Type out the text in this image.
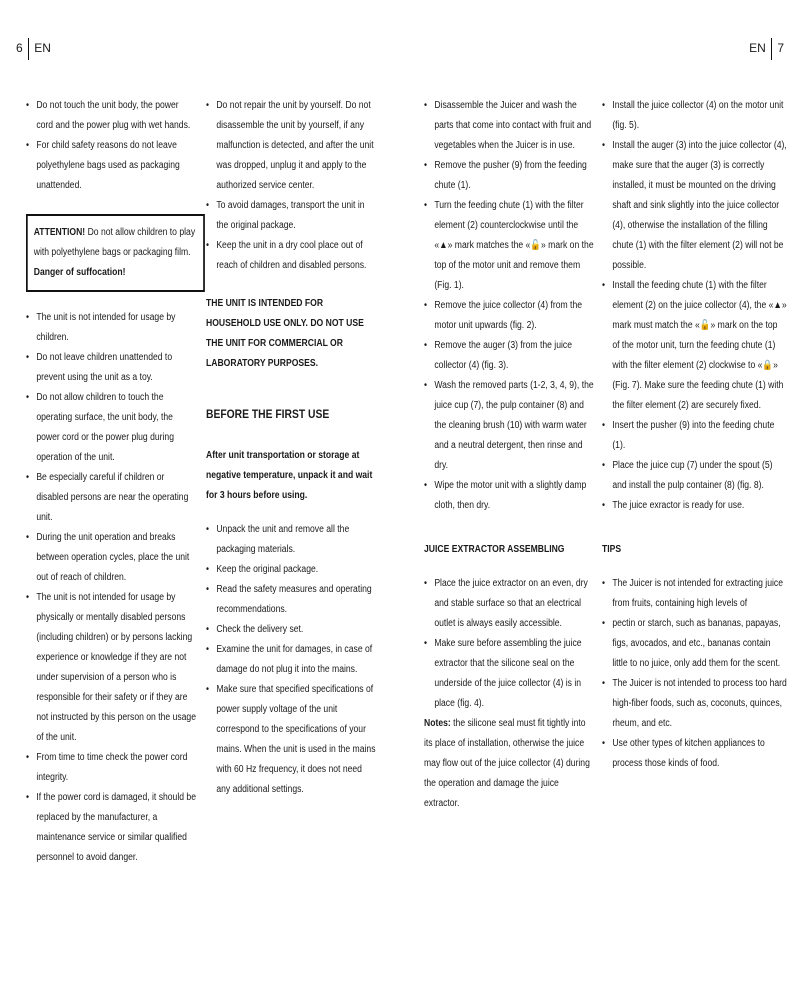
6 EN	EN 7
• Do not touch the unit body, the power cord and the power plug with wet hands.
• For child safety reasons do not leave polyethylene bags used as packaging unattended.
ATTENTION! Do not allow children to play with polyethylene bags or packaging film. Danger of suffocation!
• The unit is not intended for usage by children.
• Do not leave children unattended to prevent using the unit as a toy.
• Do not allow children to touch the operating surface, the unit body, the power cord or the power plug during operation of the unit.
• Be especially careful if children or disabled persons are near the operating unit.
• During the unit operation and breaks between operation cycles, place the unit out of reach of children.
• The unit is not intended for usage by physically or mentally disabled persons (including children) or by persons lacking experience or knowledge if they are not under supervision of a person who is responsible for their safety or if they are not instructed by this person on the usage of the unit.
• From time to time check the power cord integrity.
• If the power cord is damaged, it should be replaced by the manufacturer, a maintenance service or similar qualified personnel to avoid danger.
• Do not repair the unit by yourself. Do not disassemble the unit by yourself, if any malfunction is detected, and after the unit was dropped, unplug it and apply to the authorized service center.
• To avoid damages, transport the unit in the original package.
• Keep the unit in a dry cool place out of reach of children and disabled persons.

THE UNIT IS INTENDED FOR HOUSEHOLD USE ONLY. DO NOT USE THE UNIT FOR COMMERCIAL OR LABORATORY PURPOSES.

BEFORE THE FIRST USE

After unit transportation or storage at negative temperature, unpack it and wait for 3 hours before using.

• Unpack the unit and remove all the packaging materials.
• Keep the original package.
• Read the safety measures and operating recommendations.
• Check the delivery set.
• Examine the unit for damages, in case of damage do not plug it into the mains.
• Make sure that specified specifications of power supply voltage of the unit correspond to the specifications of your mains. When the unit is used in the mains with 60 Hz frequency, it does not need any additional settings.
• Disassemble the Juicer and wash the parts that come into contact with fruit and vegetables when the Juicer is in use.
• Remove the pusher (9) from the feeding chute (1).
• Turn the feeding chute (1) with the filter element (2) counterclockwise until the «▲» mark matches the «🔓» mark on the top of the motor unit and remove them (Fig. 1).
• Remove the juice collector (4) from the motor unit upwards (fig. 2).
• Remove the auger (3) from the juice collector (4) (fig. 3).
• Wash the removed parts (1-2, 3, 4, 9), the juice cup (7), the pulp container (8) and the cleaning brush (10) with warm water and a neutral detergent, then rinse and dry.
• Wipe the motor unit with a slightly damp cloth, then dry.

JUICE EXTRACTOR ASSEMBLING

• Place the juice extractor on an even, dry and stable surface so that an electrical outlet is always easily accessible.
• Make sure before assembling the juice extractor that the silicone seal on the underside of the juice collector (4) is in place (fig. 4).

Notes: the silicone seal must fit tightly into its place of installation, otherwise the juice may flow out of the juice collector (4) during the operation and damage the juice extractor.

• Install the juice collector (4) on the motor unit (fig. 5).
• Install the auger (3) into the juice collector (4), make sure that the auger (3) is correctly installed, it must be mounted on the driving shaft and sink slightly into the juice collector (4), otherwise the installation of the filling chute (1) with the filter element (2) will not be possible.
• Install the feeding chute (1) with the filter element (2) on the juice collector (4), the «▲» mark must match the «🔓» mark on the top of the motor unit, turn the feeding chute (1) with the filter element (2) clockwise to «🔒» (Fig. 7). Make sure the feeding chute (1) with the filter element (2) are securely fixed.
• Insert the pusher (9) into the feeding chute (1).
• Place the juice cup (7) under the spout (5) and install the pulp container (8) (fig. 8).
• The juice exractor is ready for use.

TIPS

• The Juicer is not intended for extracting juice from fruits, containing high levels of
• pectin or starch, such as bananas, papayas, figs, avocados, and etc., bananas contain little to no juice, only add them for the scent.
• The Juicer is not intended to process too hard high-fiber foods, such as, coconuts, quinces, rheum, and etc.
• Use other types of kitchen appliances to process those kinds of food.
